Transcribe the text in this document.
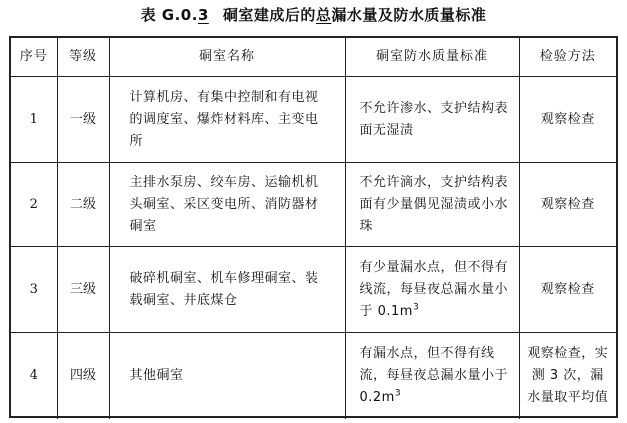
表 G.0.3 硐室建成后的总漏水量及防水质量标准
序号	等级	硐室名称	硐室防水质量标准	检验方法
1	一级	计算机房、有集中控制和有电视的调度室、爆炸材料库、主变电所	不允许渗水、支护结构表面无湿渍	观察检查
2	二级	主排水泵房、绞车房、运输机机头硐室、采区变电所、消防器材硐室	不允许滴水，支护结构表面有少量偶见湿渍或小水珠	观察检查
3	三级	破碎机硐室、机车修理硐室、装载硐室、井底煤仓	有少量漏水点，但不得有线流，每昼夜总漏水量小于 $0.1m^3$	观察检查
4	四级	其他硐室	有漏水点，但不得有线流，每昼夜总漏水量小于 $0.2m^3$	观察检查，实测 3 次，漏水量取平均值
